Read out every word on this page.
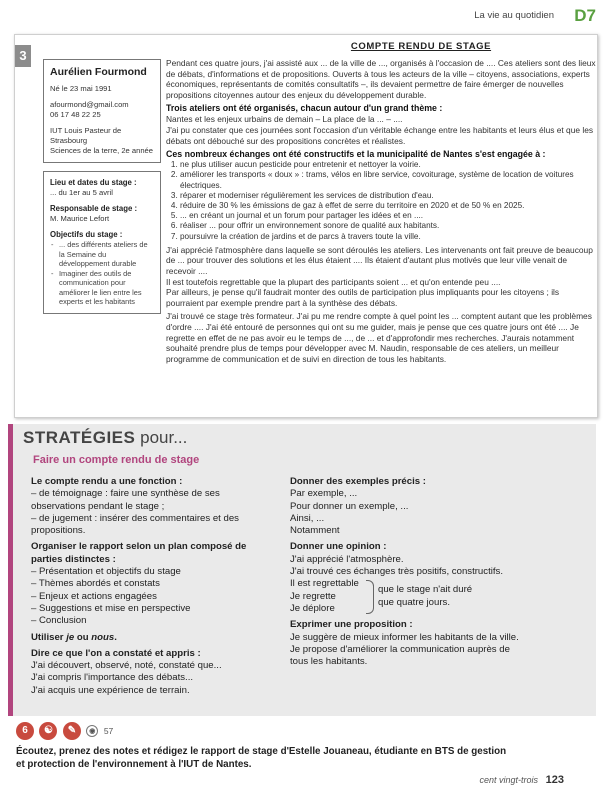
La vie au quotidien D7
3
Aurélien Fourmond
Né le 23 mai 1991
afourmond@gmail.com
06 17 48 22 25
IUT Louis Pasteur de Strasbourg
Sciences de la terre, 2e année
Lieu et dates du stage :
... du 1er au 5 avril
Responsable de stage :
M. Maurice Lefort
Objectifs du stage :
- ... des différents ateliers de la Semaine du développement durable
- Imaginer des outils de communication pour améliorer le lien entre les experts et les habitants
COMPTE RENDU DE STAGE

Pendant ces quatre jours, j'ai assisté aux ... de la ville de ..., organisés à l'occasion de .... Ces ateliers sont des lieux de débats, d'informations et de propositions. Ouverts à tous les acteurs de la ville – citoyens, associations, experts économiques, représentants de comités consultatifs –, ils devaient permettre de faire émerger de nouvelles propositions citoyennes autour des enjeux du développement durable.

Trois ateliers ont été organisés, chacun autour d'un grand thème :

Nantes et les enjeux urbains de demain – La place de la ... – ....

J'ai pu constater que ces journées sont l'occasion d'un véritable échange entre les habitants et leurs élus et que les débats ont débouché sur des propositions concrètes et réalistes.

Ces nombreux échanges ont été constructifs et la municipalité de Nantes s'est engagée à :
1. ne plus utiliser aucun pesticide pour entretenir et nettoyer la voirie.
2. améliorer les transports « doux » : trams, vélos en libre service, covoiturage, système de location de voitures électriques.
3. réparer et moderniser régulièrement les services de distribution d'eau.
4. réduire de 30 % les émissions de gaz à effet de serre du territoire en 2020 et de 50 % en 2025.
5. ... en créant un journal et un forum pour partager les idées et en ....
6. réaliser ... pour offrir un environnement sonore de qualité aux habitants.
7. poursuivre la création de jardins et de parcs à travers toute la ville.

J'ai apprécié l'atmosphère dans laquelle se sont déroulés les ateliers. Les intervenants ont fait preuve de beaucoup de ... pour trouver des solutions et les élus étaient .... Ils étaient d'autant plus motivés que leur ville venait de recevoir ....

Il est toutefois regrettable que la plupart des participants soient ... et qu'on entende peu ....

Par ailleurs, je pense qu'il faudrait monter des outils de participation plus impliquants pour les citoyens ; ils pourraient par exemple prendre part à la synthèse des débats.

J'ai trouvé ce stage très formateur. J'ai pu me rendre compte à quel point les ... comptent autant que les problèmes d'ordre .... J'ai été entouré de personnes qui ont su me guider, mais je pense que ces quatre jours ont été .... Je regrette en effet de ne pas avoir eu le temps de ..., de ... et d'approfondir mes recherches. J'aurais notamment souhaité prendre plus de temps pour développer avec M. Naudin, responsable de ces ateliers, un meilleur programme de communication et de suivi en direction de tous les habitants.

STRATÉGIES pour...
Faire un compte rendu de stage
Le compte rendu a une fonction :
– de témoignage : faire une synthèse de ses
observations pendant le stage ;
– de jugement : insérer des commentaires et des
propositions.
Organiser le rapport selon un plan composé de
parties distinctes :
– Présentation et objectifs du stage
– Thèmes abordés et constats
– Enjeux et actions engagées
– Suggestions et mise en perspective
– Conclusion
Utiliser je ou nous.
Dire ce que l'on a constaté et appris :
J'ai découvert, observé, noté, constaté que...
J'ai compris l'importance des débats...
J'ai acquis une expérience de terrain.
Donner des exemples précis :
Par exemple, ...
Pour donner un exemple, ...
Ainsi, ...
Notamment
Donner une opinion :
J'ai apprécié l'atmosphère.
J'ai trouvé ces échanges très positifs, constructifs.
Il est regrettable
Je regrette
Je déplore
que le stage n'ait duré
que quatre jours.
Exprimer une proposition :
Je suggère de mieux informer les habitants de la ville.
Je propose d'améliorer la communication auprès de
tous les habitants.
6 ☯ ✎ ◉ 57
Écoutez, prenez des notes et rédigez le rapport de stage d'Estelle Jouaneau, étudiante en BTS de gestion et protection de l'environnement à l'IUT de Nantes.
cent vingt-trois 123
